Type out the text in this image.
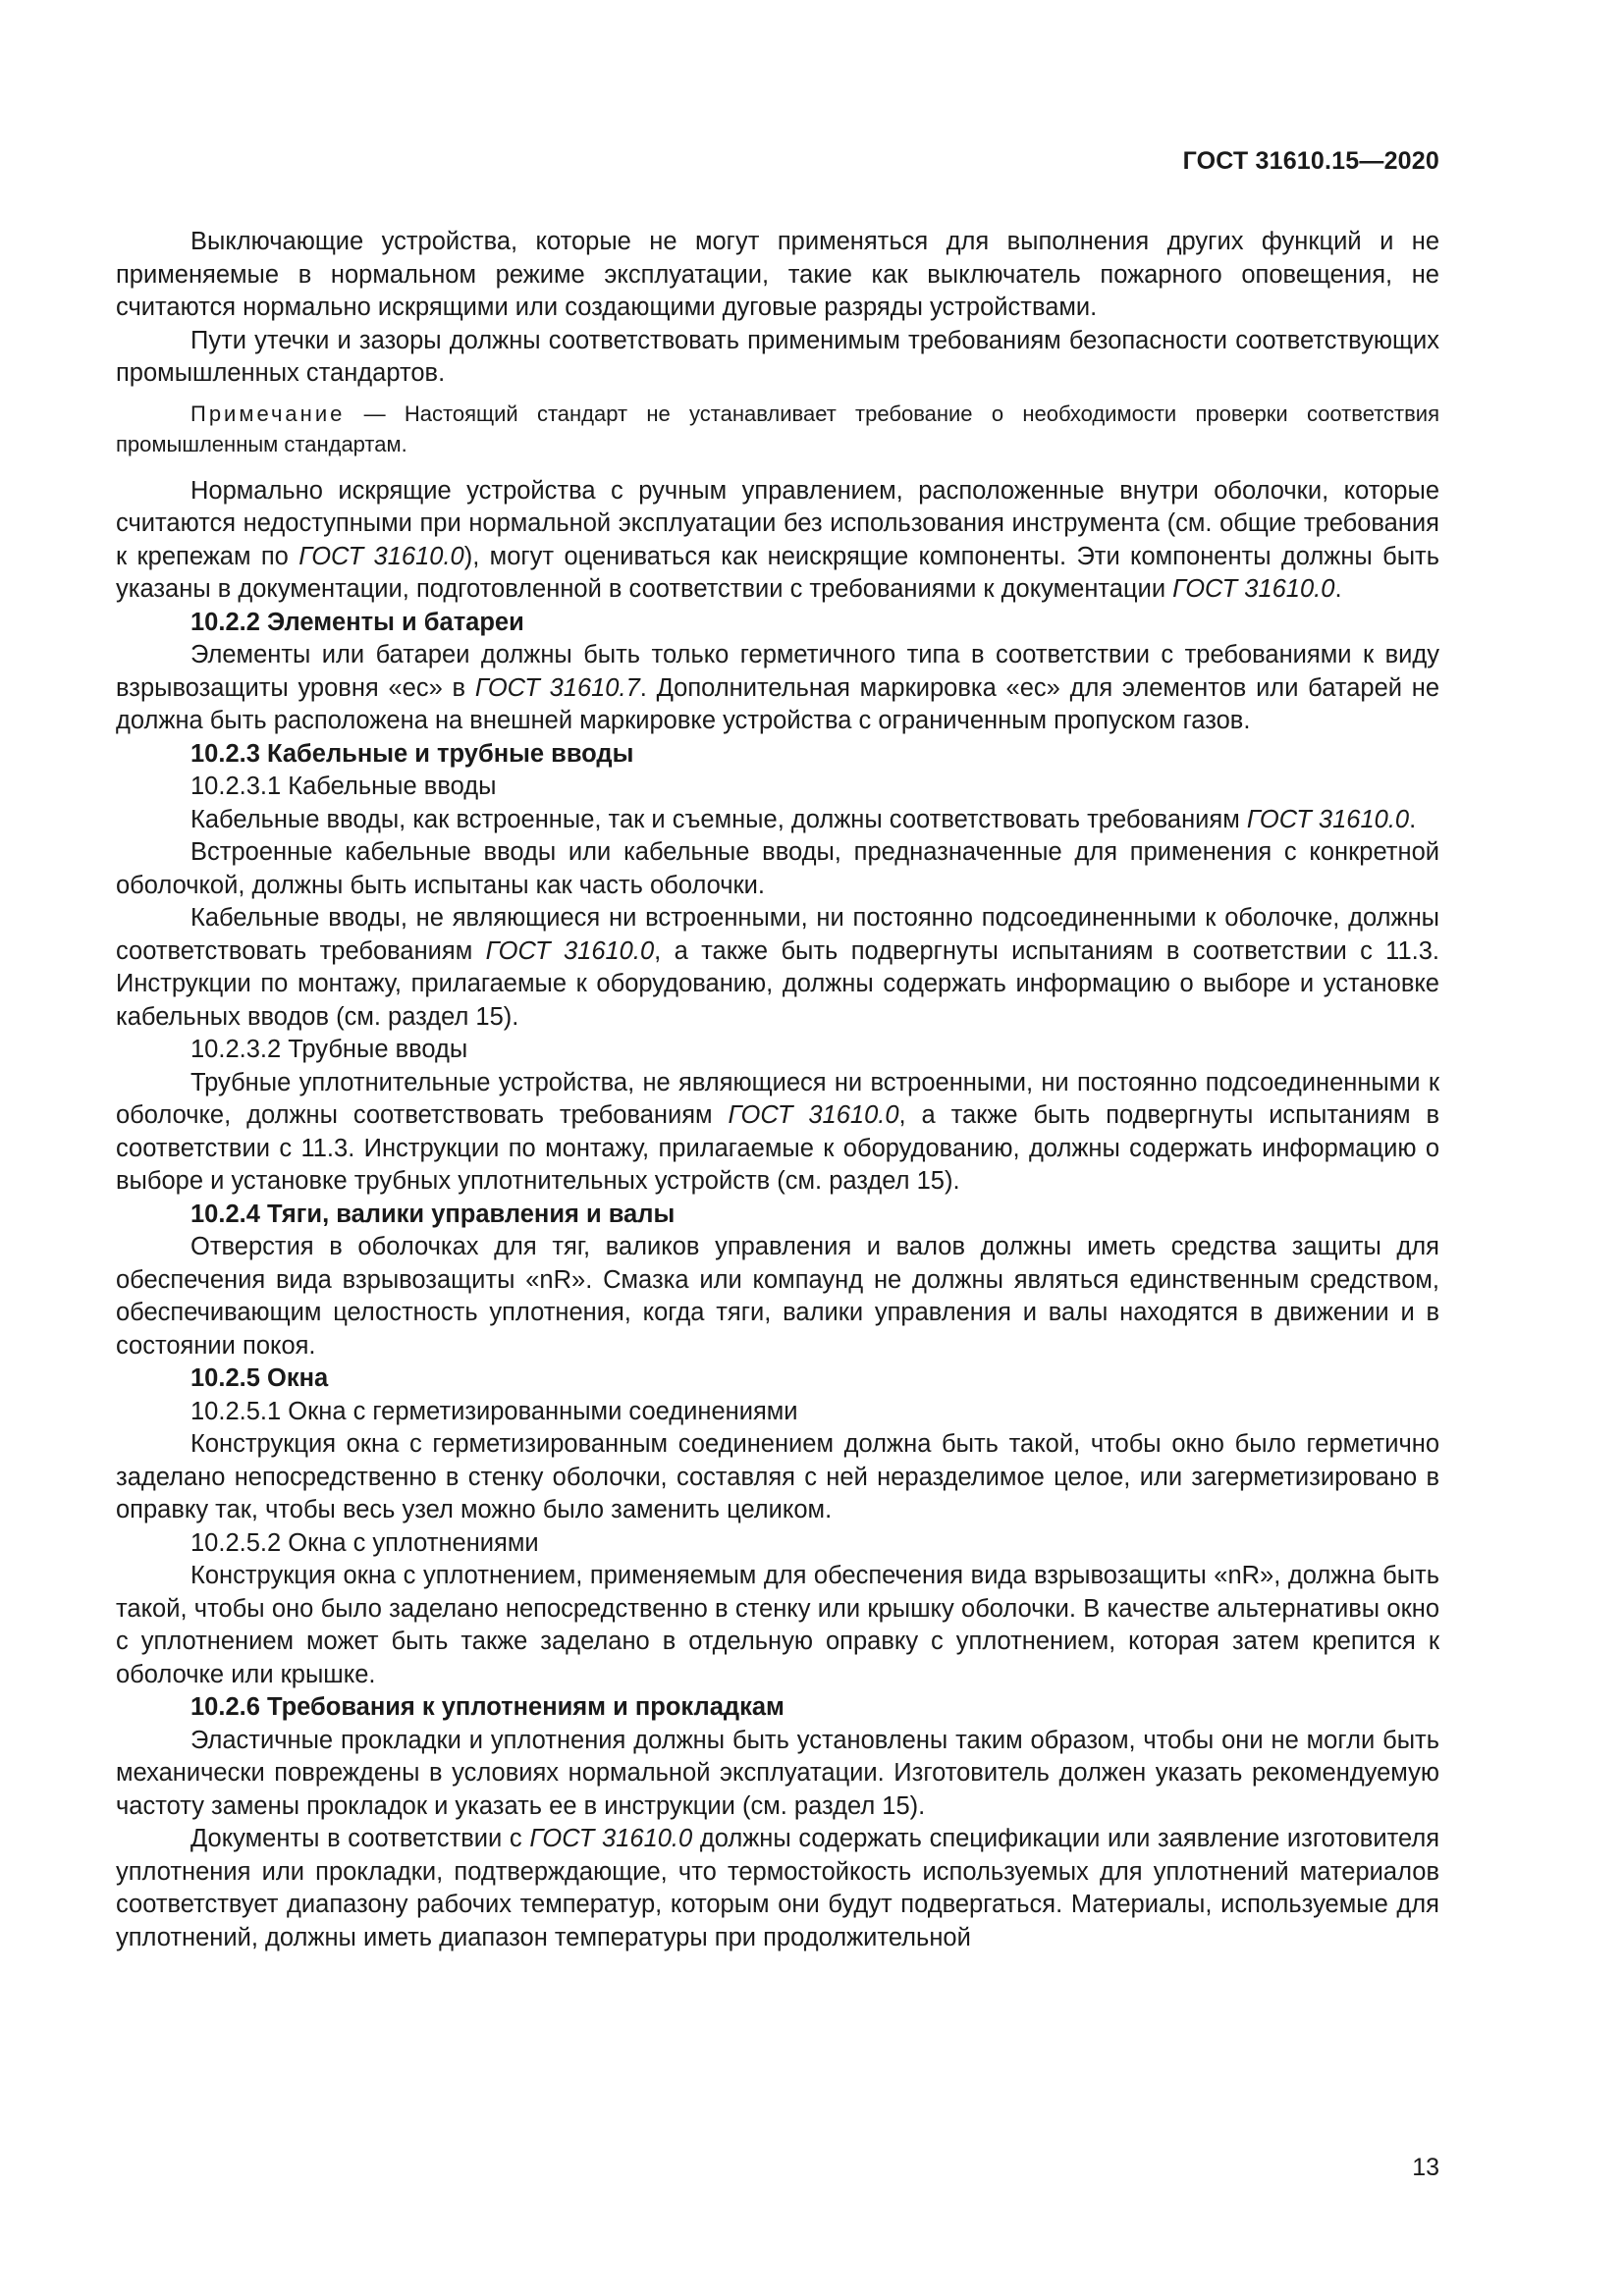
ГОСТ 31610.15—2020

Выключающие устройства, которые не могут применяться для выполнения других функций и не применяемые в нормальном режиме эксплуатации, такие как выключатель пожарного оповещения, не считаются нормально искрящими или создающими дуговые разряды устройствами.

Пути утечки и зазоры должны соответствовать применимым требованиям безопасности соответствующих промышленных стандартов.

Примечание — Настоящий стандарт не устанавливает требование о необходимости проверки соответствия промышленным стандартам.

Нормально искрящие устройства с ручным управлением, расположенные внутри оболочки, которые считаются недоступными при нормальной эксплуатации без использования инструмента (см. общие требования к крепежам по ГОСТ 31610.0), могут оцениваться как неискрящие компоненты. Эти компоненты должны быть указаны в документации, подготовленной в соответствии с требованиями к документации ГОСТ 31610.0.

10.2.2 Элементы и батареи

Элементы или батареи должны быть только герметичного типа в соответствии с требованиями к виду взрывозащиты уровня «ec» в ГОСТ 31610.7. Дополнительная маркировка «ec» для элементов или батарей не должна быть расположена на внешней маркировке устройства с ограниченным пропуском газов.

10.2.3 Кабельные и трубные вводы

10.2.3.1 Кабельные вводы

Кабельные вводы, как встроенные, так и съемные, должны соответствовать требованиям ГОСТ 31610.0.

Встроенные кабельные вводы или кабельные вводы, предназначенные для применения с конкретной оболочкой, должны быть испытаны как часть оболочки.

Кабельные вводы, не являющиеся ни встроенными, ни постоянно подсоединенными к оболочке, должны соответствовать требованиям ГОСТ 31610.0, а также быть подвергнуты испытаниям в соответствии с 11.3. Инструкции по монтажу, прилагаемые к оборудованию, должны содержать информацию о выборе и установке кабельных вводов (см. раздел 15).

10.2.3.2 Трубные вводы

Трубные уплотнительные устройства, не являющиеся ни встроенными, ни постоянно подсоединенными к оболочке, должны соответствовать требованиям ГОСТ 31610.0, а также быть подвергнуты испытаниям в соответствии с 11.3. Инструкции по монтажу, прилагаемые к оборудованию, должны содержать информацию о выборе и установке трубных уплотнительных устройств (см. раздел 15).

10.2.4 Тяги, валики управления и валы

Отверстия в оболочках для тяг, валиков управления и валов должны иметь средства защиты для обеспечения вида взрывозащиты «nR». Смазка или компаунд не должны являться единственным средством, обеспечивающим целостность уплотнения, когда тяги, валики управления и валы находятся в движении и в состоянии покоя.

10.2.5 Окна

10.2.5.1 Окна с герметизированными соединениями

Конструкция окна с герметизированным соединением должна быть такой, чтобы окно было герметично заделано непосредственно в стенку оболочки, составляя с ней неразделимое целое, или загерметизировано в оправку так, чтобы весь узел можно было заменить целиком.

10.2.5.2 Окна с уплотнениями

Конструкция окна с уплотнением, применяемым для обеспечения вида взрывозащиты «nR», должна быть такой, чтобы оно было заделано непосредственно в стенку или крышку оболочки. В качестве альтернативы окно с уплотнением может быть также заделано в отдельную оправку с уплотнением, которая затем крепится к оболочке или крышке.

10.2.6 Требования к уплотнениям и прокладкам

Эластичные прокладки и уплотнения должны быть установлены таким образом, чтобы они не могли быть механически повреждены в условиях нормальной эксплуатации. Изготовитель должен указать рекомендуемую частоту замены прокладок и указать ее в инструкции (см. раздел 15).

Документы в соответствии с ГОСТ 31610.0 должны содержать спецификации или заявление изготовителя уплотнения или прокладки, подтверждающие, что термостойкость используемых для уплотнений материалов соответствует диапазону рабочих температур, которым они будут подвергаться. Материалы, используемые для уплотнений, должны иметь диапазон температуры при продолжительной

13
